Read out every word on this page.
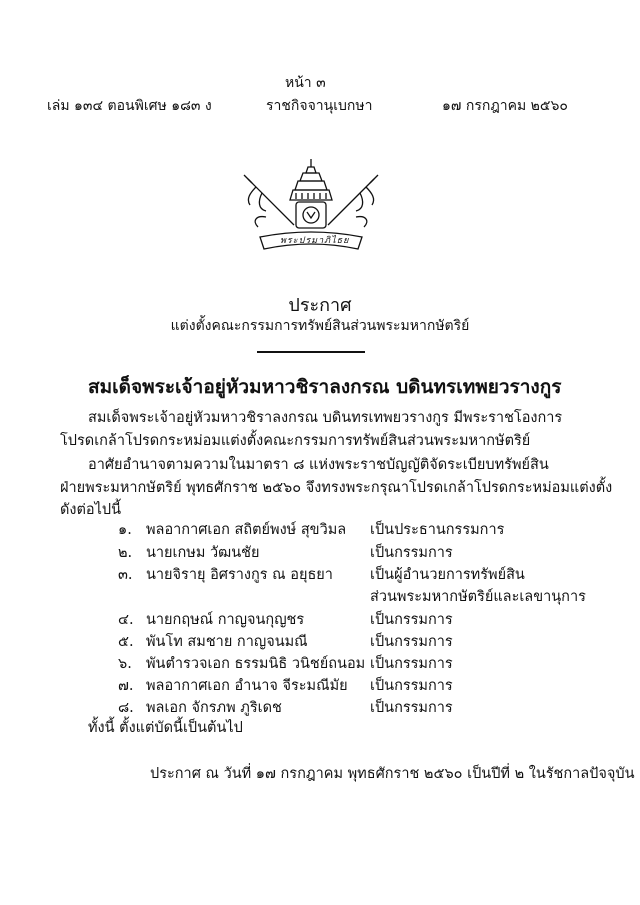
หน้า ๓
เล่ม ๑๓๔ ตอนพิเศษ ๑๘๓ ง	ราชกิจจานุเบกษา	๑๗ กรกฎาคม ๒๕๖๐
พระปรมาภิไธย
ประกาศ
แต่งตั้งคณะกรรมการทรัพย์สินส่วนพระมหากษัตริย์
สมเด็จพระเจ้าอยู่หัวมหาวชิราลงกรณ บดินทรเทพยวรางกูร
สมเด็จพระเจ้าอยู่หัวมหาวชิราลงกรณ บดินทรเทพยวรางกูร มีพระราชโองการ
โปรดเกล้าโปรดกระหม่อมแต่งตั้งคณะกรรมการทรัพย์สินส่วนพระมหากษัตริย์
อาศัยอำนาจตามความในมาตรา ๘ แห่งพระราชบัญญัติจัดระเบียบทรัพย์สิน
ฝ่ายพระมหากษัตริย์ พุทธศักราช ๒๕๖๐ จึงทรงพระกรุณาโปรดเกล้าโปรดกระหม่อมแต่งตั้ง
ดังต่อไปนี้
๑. พลอากาศเอก สถิตย์พงษ์ สุขวิมล เป็นประธานกรรมการ
๒. นายเกษม วัฒนชัย	เป็นกรรมการ
๓. นายจิรายุ อิศรางกูร ณ อยุธยา	เป็นผู้อำนวยการทรัพย์สิน
ส่วนพระมหากษัตริย์และเลขานุการ
๔. นายกฤษณ์ กาญจนกุญชร	เป็นกรรมการ
๕. พันโท สมชาย กาญจนมณี	เป็นกรรมการ
๖. พันตำรวจเอก ธรรมนิธิ วนิชย์ถนอม เป็นกรรมการ
๗. พลอากาศเอก อำนาจ จีระมณีมัย เป็นกรรมการ
๘. พลเอก จักรภพ ภูริเดช	เป็นกรรมการ
ทั้งนี้ ตั้งแต่บัดนี้เป็นต้นไป
ประกาศ ณ วันที่ ๑๗ กรกฎาคม พุทธศักราช ๒๕๖๐ เป็นปีที่ ๒ ในรัชกาลปัจจุบัน
